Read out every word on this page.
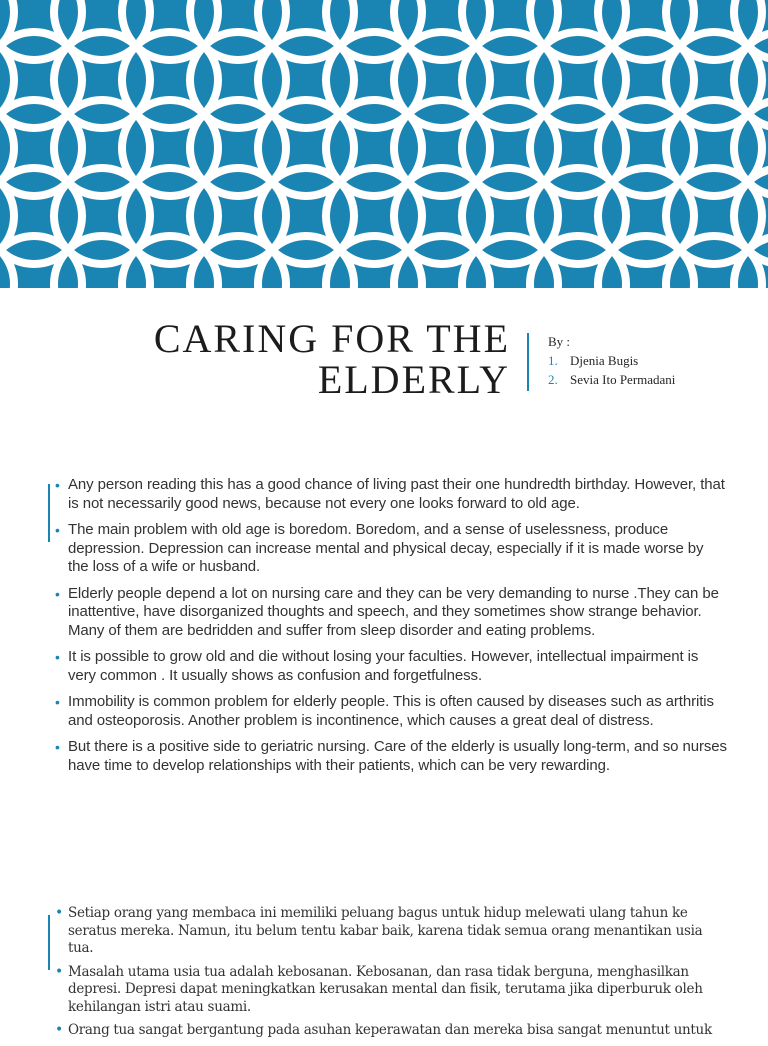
CARING FOR THE
ELDERLY
By :
1. Djenia Bugis
2. Sevia Ito Permadani
• Any person reading this has a good chance of living past their one hundredth birthday. However, that is not necessarily good news, because not every one looks forward to old age.
• The main problem with old age is boredom. Boredom, and a sense of uselessness, produce depression. Depression can increase mental and physical decay, especially if it is made worse by the loss of a wife or husband.
• Elderly people depend a lot on nursing care and they can be very demanding to nurse .They can be inattentive, have disorganized thoughts and speech, and they sometimes show strange behavior. Many of them are bedridden and suffer from sleep disorder and eating problems.
• It is possible to grow old and die without losing your faculties. However, intellectual impairment is very common . It usually shows as confusion and forgetfulness.
• Immobility is common problem for elderly people. This is often caused by diseases such as arthritis and osteoporosis. Another problem is incontinence, which causes a great deal of distress.
• But there is a positive side to geriatric nursing. Care of the elderly is usually long-term, and so nurses have time to develop relationships with their patients, which can be very rewarding.
• Setiap orang yang membaca ini memiliki peluang bagus untuk hidup melewati ulang tahun ke seratus mereka. Namun, itu belum tentu kabar baik, karena tidak semua orang menantikan usia tua.
• Masalah utama usia tua adalah kebosanan. Kebosanan, dan rasa tidak berguna, menghasilkan depresi. Depresi dapat meningkatkan kerusakan mental dan fisik, terutama jika diperburuk oleh kehilangan istri atau suami.
• Orang tua sangat bergantung pada asuhan keperawatan dan mereka bisa sangat menuntut untuk
